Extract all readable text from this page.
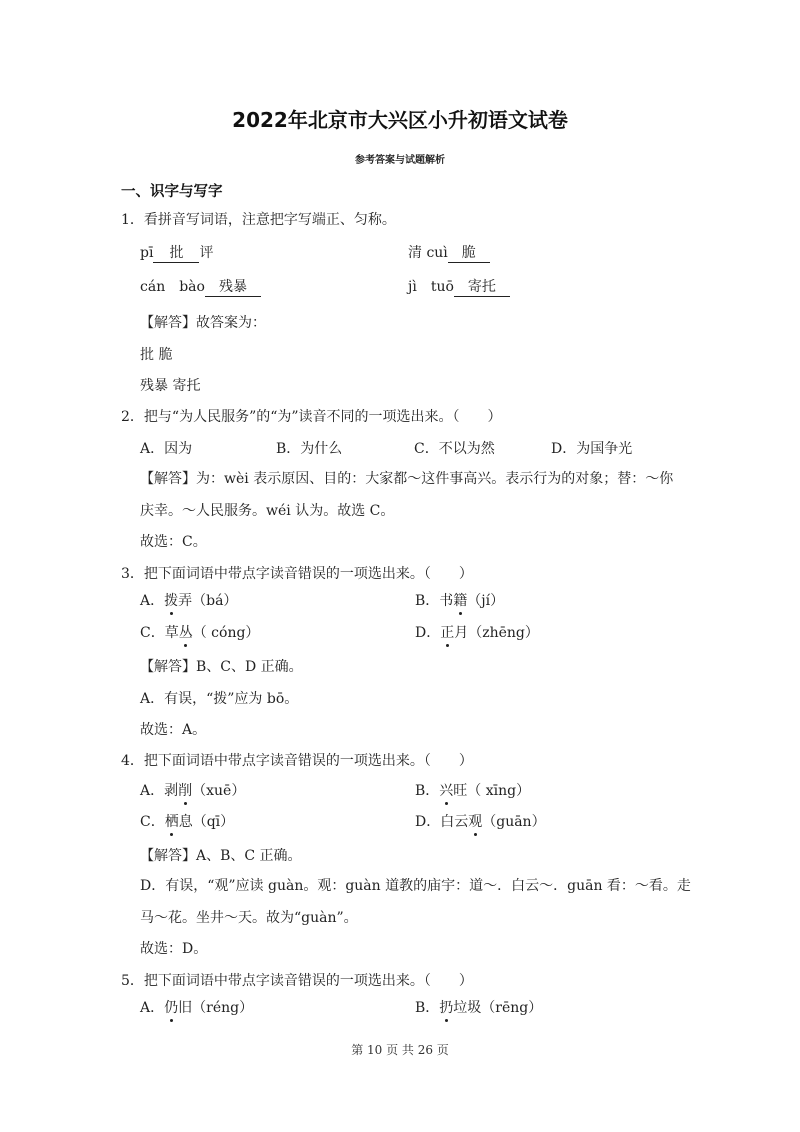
2022年北京市大兴区小升初语文试卷
参考答案与试题解析
一、识字与写字
1．看拼音写词语，注意把字写端正、匀称。
pī 批 评	清 cuì 脆
cán　bào 残暴	jì　tuō 寄托
【解答】故答案为：
批 脆
残暴 寄托
2．把与“为人民服务”的“为”读音不同的一项选出来。（　　）
A．因为	B．为什么	C．不以为然	D．为国争光
【解答】为：wèi 表示原因、目的：大家都～这件事高兴。表示行为的对象；替：～你
庆幸。～人民服务。wéi 认为。故选 C。
故选：C。
3．把下面词语中带点字读音错误的一项选出来。（　　）
A．拨弄（bá）	B．书籍（jí）
C．草丛（ cóng）	D．正月（zhēng）
【解答】B、C、D 正确。
A．有误，“拨”应为 bō。
故选：A。
4．把下面词语中带点字读音错误的一项选出来。（　　）
A．剥削（xuē）	B．兴旺（ xīng）
C．栖息（qī）	D．白云观（guān）
【解答】A、B、C 正确。
D．有误，“观”应读 guàn。观：guàn 道教的庙宇：道～．白云～．guān 看：～看。走
马～花。坐井～天。故为“guàn”。
故选：D。
5．把下面词语中带点字读音错误的一项选出来。（　　）
A．仍旧（réng）	B．扔垃圾（rēng）
第 10 页 共 26 页
